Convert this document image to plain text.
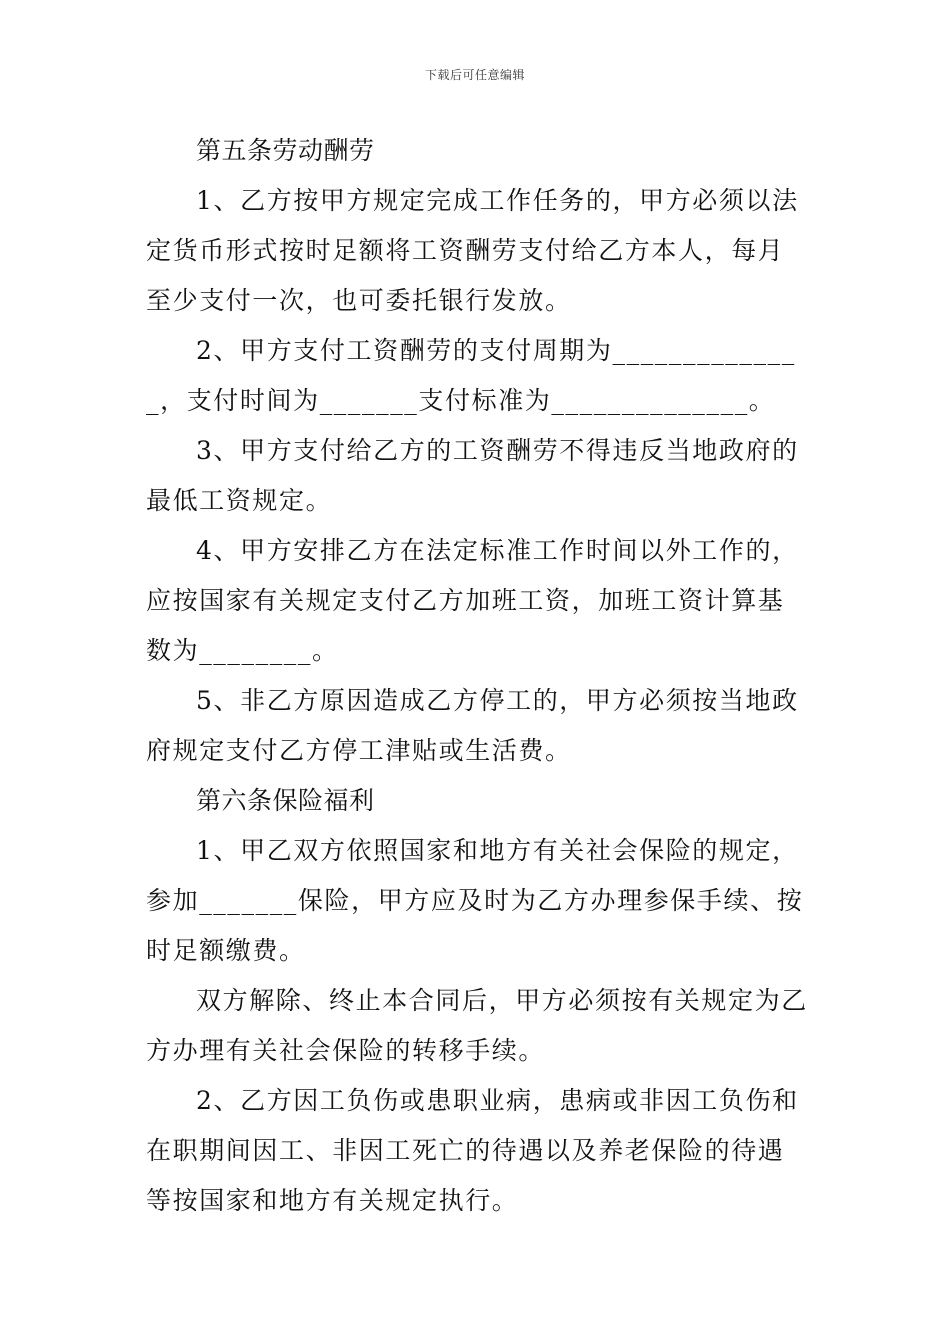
下载后可任意编辑

第五条劳动酬劳

1、乙方按甲方规定完成工作任务的，甲方必须以法定货币形式按时足额将工资酬劳支付给乙方本人，每月至少支付一次，也可委托银行发放。

2、甲方支付工资酬劳的支付周期为______________，支付时间为_______支付标准为______________。

3、甲方支付给乙方的工资酬劳不得违反当地政府的最低工资规定。

4、甲方安排乙方在法定标准工作时间以外工作的，应按国家有关规定支付乙方加班工资，加班工资计算基数为________。

5、非乙方原因造成乙方停工的，甲方必须按当地政府规定支付乙方停工津贴或生活费。

第六条保险福利

1、甲乙双方依照国家和地方有关社会保险的规定，参加_______保险，甲方应及时为乙方办理参保手续、按时足额缴费。

双方解除、终止本合同后，甲方必须按有关规定为乙方办理有关社会保险的转移手续。

2、乙方因工负伤或患职业病，患病或非因工负伤和在职期间因工、非因工死亡的待遇以及养老保险的待遇等按国家和地方有关规定执行。
